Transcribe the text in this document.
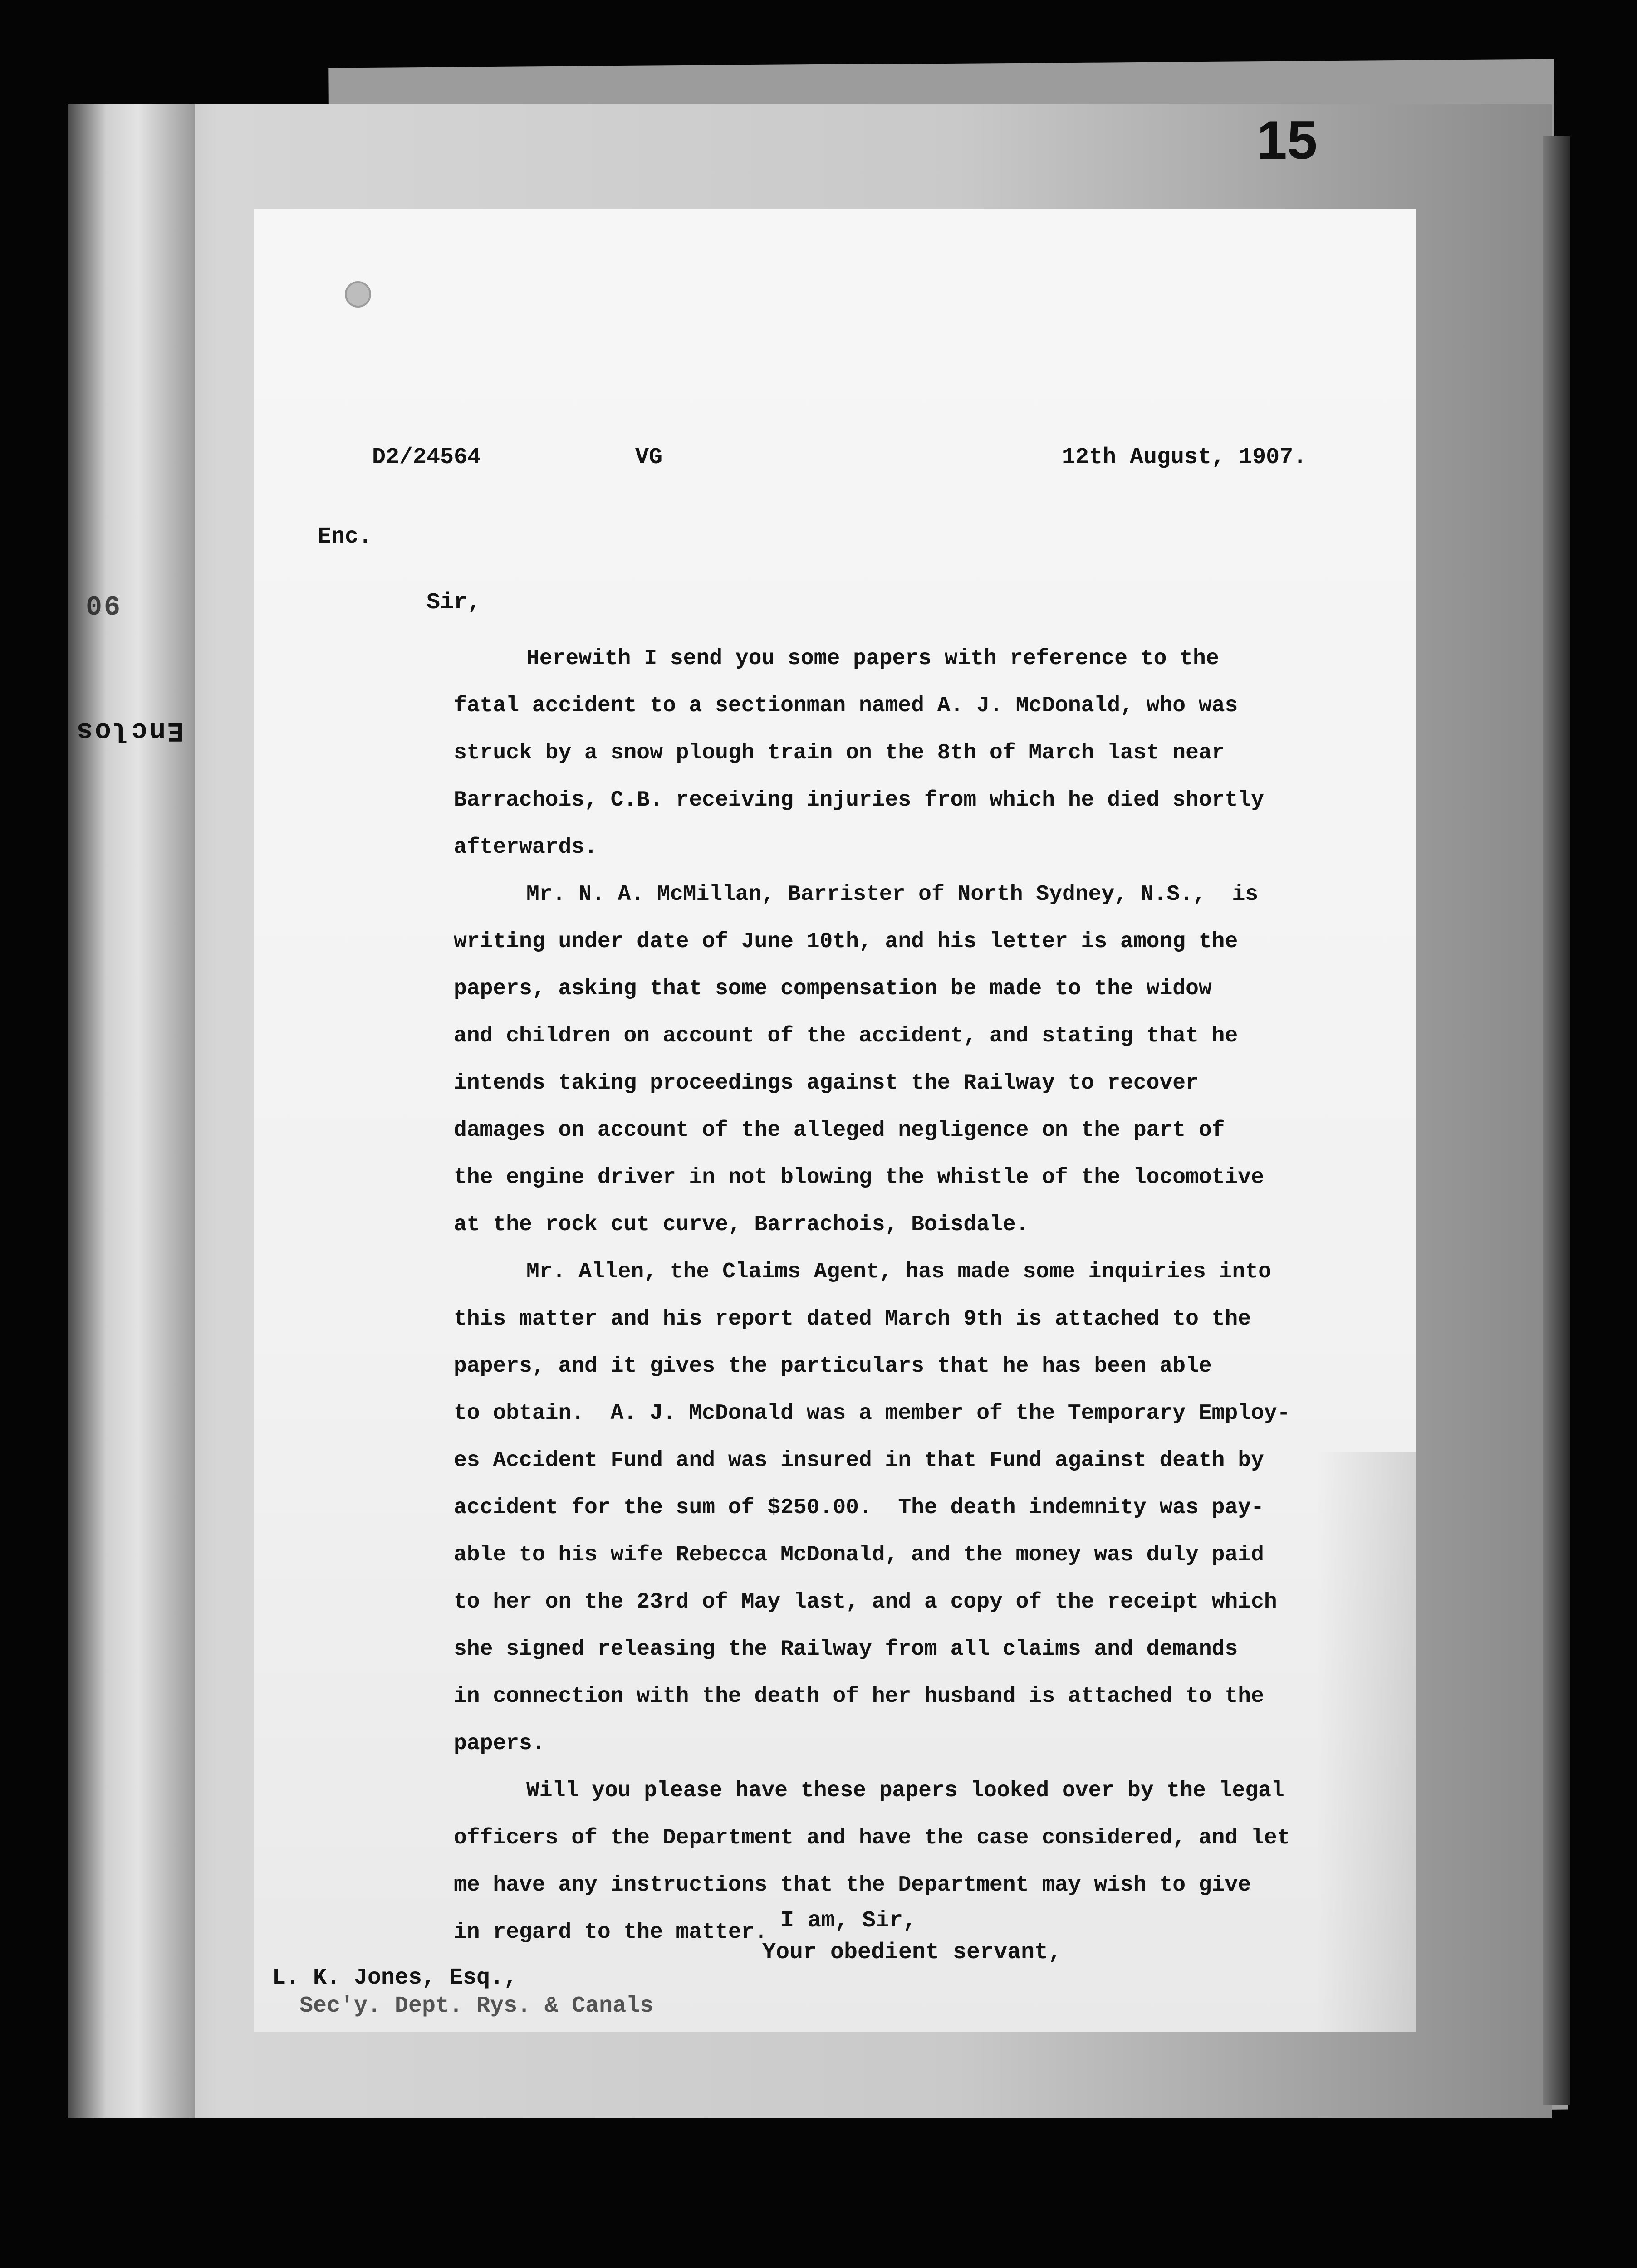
90
Enclos
15
D2/24564	VG	12th August, 1907.
Enc.
Sir,
Herewith I send you some papers with reference to the
fatal accident to a sectionman named A. J. McDonald, who was
struck by a snow plough train on the 8th of March last near
Barrachois, C.B. receiving injuries from which he died shortly
afterwards.
Mr. N. A. McMillan, Barrister of North Sydney, N.S.,  is
writing under date of June 10th, and his letter is among the
papers, asking that some compensation be made to the widow
and children on account of the accident, and stating that he
intends taking proceedings against the Railway to recover
damages on account of the alleged negligence on the part of
the engine driver in not blowing the whistle of the locomotive
at the rock cut curve, Barrachois, Boisdale.
Mr. Allen, the Claims Agent, has made some inquiries into
this matter and his report dated March 9th is attached to the
papers, and it gives the particulars that he has been able
to obtain.  A. J. McDonald was a member of the Temporary Employ-
es Accident Fund and was insured in that Fund against death by
accident for the sum of $250.00.  The death indemnity was pay-
able to his wife Rebecca McDonald, and the money was duly paid
to her on the 23rd of May last, and a copy of the receipt which
she signed releasing the Railway from all claims and demands
in connection with the death of her husband is attached to the
papers.
Will you please have these papers looked over by the legal
officers of the Department and have the case considered, and let
me have any instructions that the Department may wish to give
in regard to the matter. I am, Sir,
Your obedient servant,
L. K. Jones, Esq.,

Sec'y. Dept. Rys. & Canals
